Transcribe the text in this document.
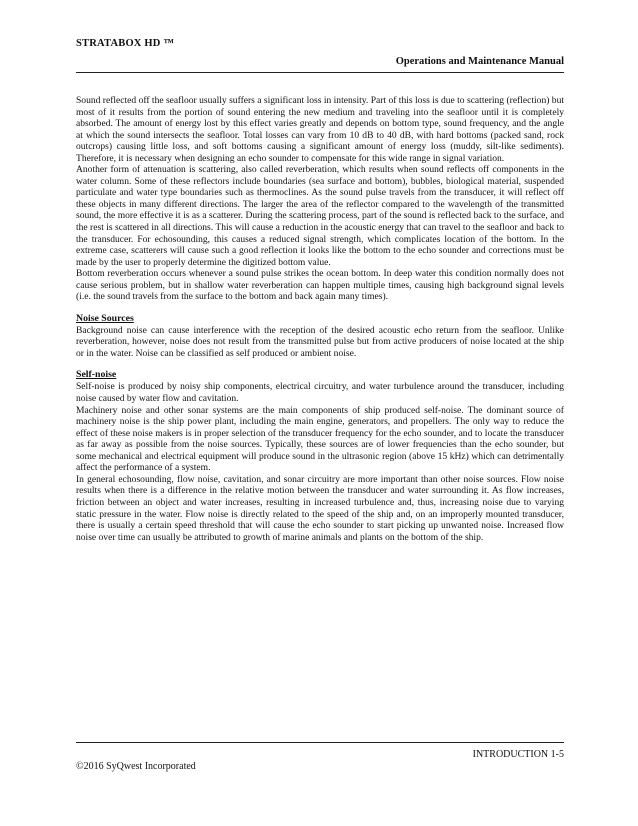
STRATABOX HD ™
Operations and Maintenance Manual

Sound reflected off the seafloor usually suffers a significant loss in intensity. Part of this loss is due to scattering (reflection) but most of it results from the portion of sound entering the new medium and traveling into the seafloor until it is completely absorbed. The amount of energy lost by this effect varies greatly and depends on bottom type, sound frequency, and the angle at which the sound intersects the seafloor. Total losses can vary from 10 dB to 40 dB, with hard bottoms (packed sand, rock outcrops) causing little loss, and soft bottoms causing a significant amount of energy loss (muddy, silt-like sediments). Therefore, it is necessary when designing an echo sounder to compensate for this wide range in signal variation.

Another form of attenuation is scattering, also called reverberation, which results when sound reflects off components in the water column. Some of these reflectors include boundaries (sea surface and bottom), bubbles, biological material, suspended particulate and water type boundaries such as thermoclines. As the sound pulse travels from the transducer, it will reflect off these objects in many different directions. The larger the area of the reflector compared to the wavelength of the transmitted sound, the more effective it is as a scatterer. During the scattering process, part of the sound is reflected back to the surface, and the rest is scattered in all directions. This will cause a reduction in the acoustic energy that can travel to the seafloor and back to the transducer. For echosounding, this causes a reduced signal strength, which complicates location of the bottom. In the extreme case, scatterers will cause such a good reflection it looks like the bottom to the echo sounder and corrections must be made by the user to properly determine the digitized bottom value.

Bottom reverberation occurs whenever a sound pulse strikes the ocean bottom. In deep water this condition normally does not cause serious problem, but in shallow water reverberation can happen multiple times, causing high background signal levels (i.e. the sound travels from the surface to the bottom and back again many times).

Noise Sources

Background noise can cause interference with the reception of the desired acoustic echo return from the seafloor. Unlike reverberation, however, noise does not result from the transmitted pulse but from active producers of noise located at the ship or in the water. Noise can be classified as self produced or ambient noise.

Self-noise

Self-noise is produced by noisy ship components, electrical circuitry, and water turbulence around the transducer, including noise caused by water flow and cavitation.

Machinery noise and other sonar systems are the main components of ship produced self-noise. The dominant source of machinery noise is the ship power plant, including the main engine, generators, and propellers. The only way to reduce the effect of these noise makers is in proper selection of the transducer frequency for the echo sounder, and to locate the transducer as far away as possible from the noise sources. Typically, these sources are of lower frequencies than the echo sounder, but some mechanical and electrical equipment will produce sound in the ultrasonic region (above 15 kHz) which can detrimentally affect the performance of a system.

In general echosounding, flow noise, cavitation, and sonar circuitry are more important than other noise sources. Flow noise results when there is a difference in the relative motion between the transducer and water surrounding it. As flow increases, friction between an object and water increases, resulting in increased turbulence and, thus, increasing noise due to varying static pressure in the water. Flow noise is directly related to the speed of the ship and, on an improperly mounted transducer, there is usually a certain speed threshold that will cause the echo sounder to start picking up unwanted noise. Increased flow noise over time can usually be attributed to growth of marine animals and plants on the bottom of the ship.

INTRODUCTION 1-5
©2016 SyQwest Incorporated
